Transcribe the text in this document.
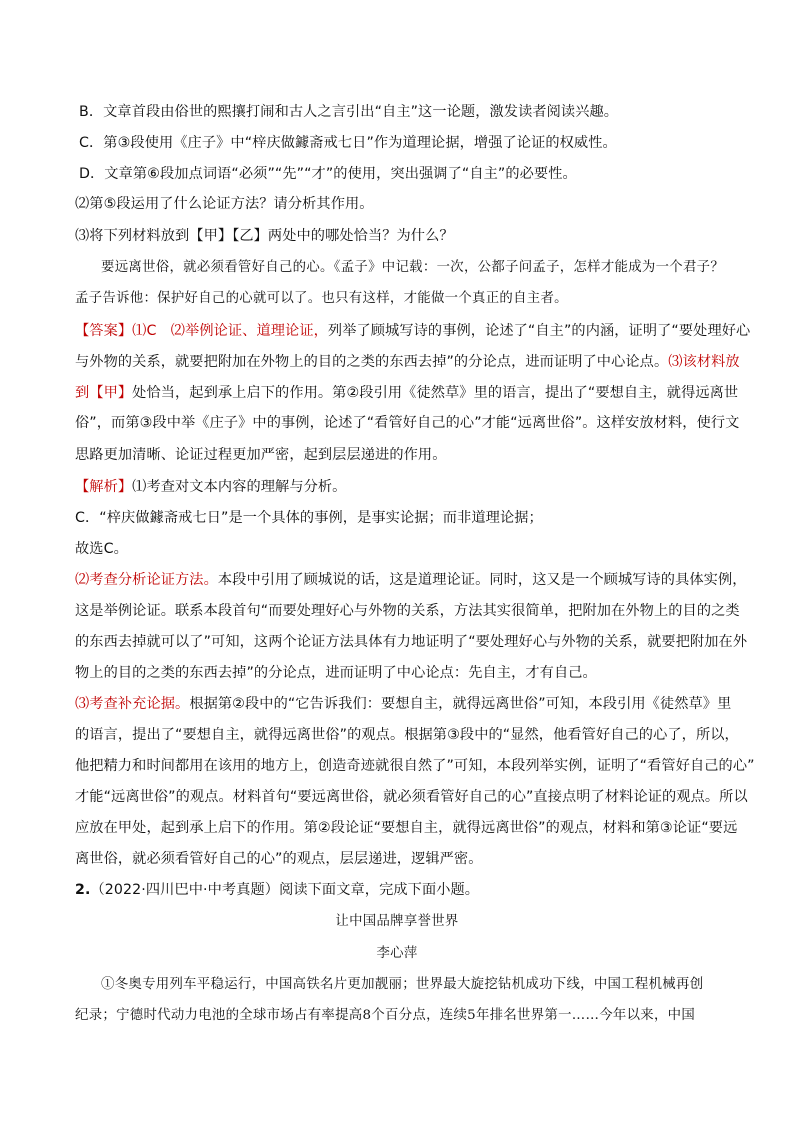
B．文章首段由俗世的熙攘打闹和古人之言引出“自主”这一论题，激发读者阅读兴趣。
C．第③段使用《庄子》中“梓庆做鐻斋戒七日”作为道理论据，增强了论证的权威性。
D．文章第⑥段加点词语“必须”“先”“才”的使用，突出强调了“自主”的必要性。
⑵第⑤段运用了什么论证方法？请分析其作用。
⑶将下列材料放到【甲】【乙】两处中的哪处恰当？为什么？
要远离世俗，就必须看管好自己的心。《孟子》中记载：一次，公都子问孟子，怎样才能成为一个君子？
孟子告诉他：保护好自己的心就可以了。也只有这样，才能做一个真正的自主者。
【答案】⑴C　⑵举例论证、道理论证，列举了顾城写诗的事例，论述了“自主”的内涵，证明了“要处理好心
与外物的关系，就要把附加在外物上的目的之类的东西去掉”的分论点，进而证明了中心论点。⑶该材料放
到【甲】处恰当，起到承上启下的作用。第②段引用《徒然草》里的语言，提出了“要想自主，就得远离世
俗”，而第③段中举《庄子》中的事例，论述了“看管好自己的心”才能“远离世俗”。这样安放材料，使行文
思路更加清晰、论证过程更加严密，起到层层递进的作用。
【解析】⑴考查对文本内容的理解与分析。
C．“梓庆做鐻斋戒七日”是一个具体的事例，是事实论据；而非道理论据；
故选C。
⑵考查分析论证方法。本段中引用了顾城说的话，这是道理论证。同时，这又是一个顾城写诗的具体实例，
这是举例论证。联系本段首句“而要处理好心与外物的关系，方法其实很简单，把附加在外物上的目的之类
的东西去掉就可以了”可知，这两个论证方法具体有力地证明了“要处理好心与外物的关系，就要把附加在外
物上的目的之类的东西去掉”的分论点，进而证明了中心论点：先自主，才有自己。
⑶考查补充论据。根据第②段中的“它告诉我们：要想自主，就得远离世俗”可知，本段引用《徒然草》里
的语言，提出了“要想自主，就得远离世俗”的观点。根据第③段中的“显然，他看管好自己的心了，所以，
他把精力和时间都用在该用的地方上，创造奇迹就很自然了”可知，本段列举实例，证明了“看管好自己的心”
才能“远离世俗”的观点。材料首句“要远离世俗，就必须看管好自己的心”直接点明了材料论证的观点。所以
应放在甲处，起到承上启下的作用。第②段论证“要想自主，就得远离世俗”的观点，材料和第③论证“要远
离世俗，就必须看管好自己的心”的观点，层层递进，逻辑严密。
2.（2022·四川巴中·中考真题）阅读下面文章，完成下面小题。
让中国品牌享誉世界
李心萍
①冬奥专用列车平稳运行，中国高铁名片更加靓丽；世界最大旋挖钻机成功下线，中国工程机械再创
纪录；宁德时代动力电池的全球市场占有率提高8个百分点，连续5年排名世界第一……今年以来，中国
